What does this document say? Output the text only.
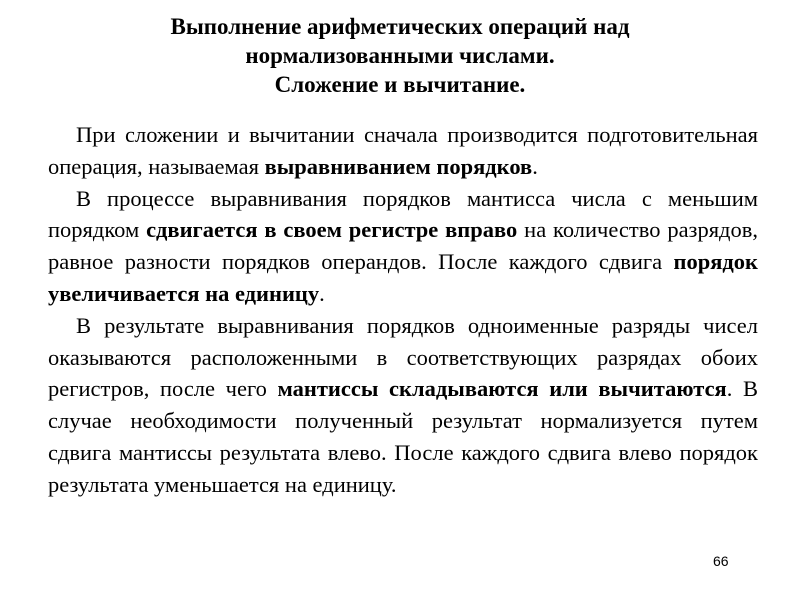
Выполнение арифметических операций над
нормализованными числами.
Сложение и вычитание.

При сложении и вычитании сначала производится подготовительная операция, называемая выравниванием порядков.

В процессе выравнивания порядков мантисса числа с меньшим порядком сдвигается в своем регистре вправо на количество разрядов, равное разности порядков операндов. После каждого сдвига порядок увеличивается на единицу.

В результате выравнивания порядков одноименные разряды чисел оказываются расположенными в соответствующих разрядах обоих регистров, после чего мантиссы складываются или вычитаются. В случае необходимости полученный результат нормализуется путем сдвига мантиссы результата влево. После каждого сдвига влево порядок результата уменьшается на единицу.

66
